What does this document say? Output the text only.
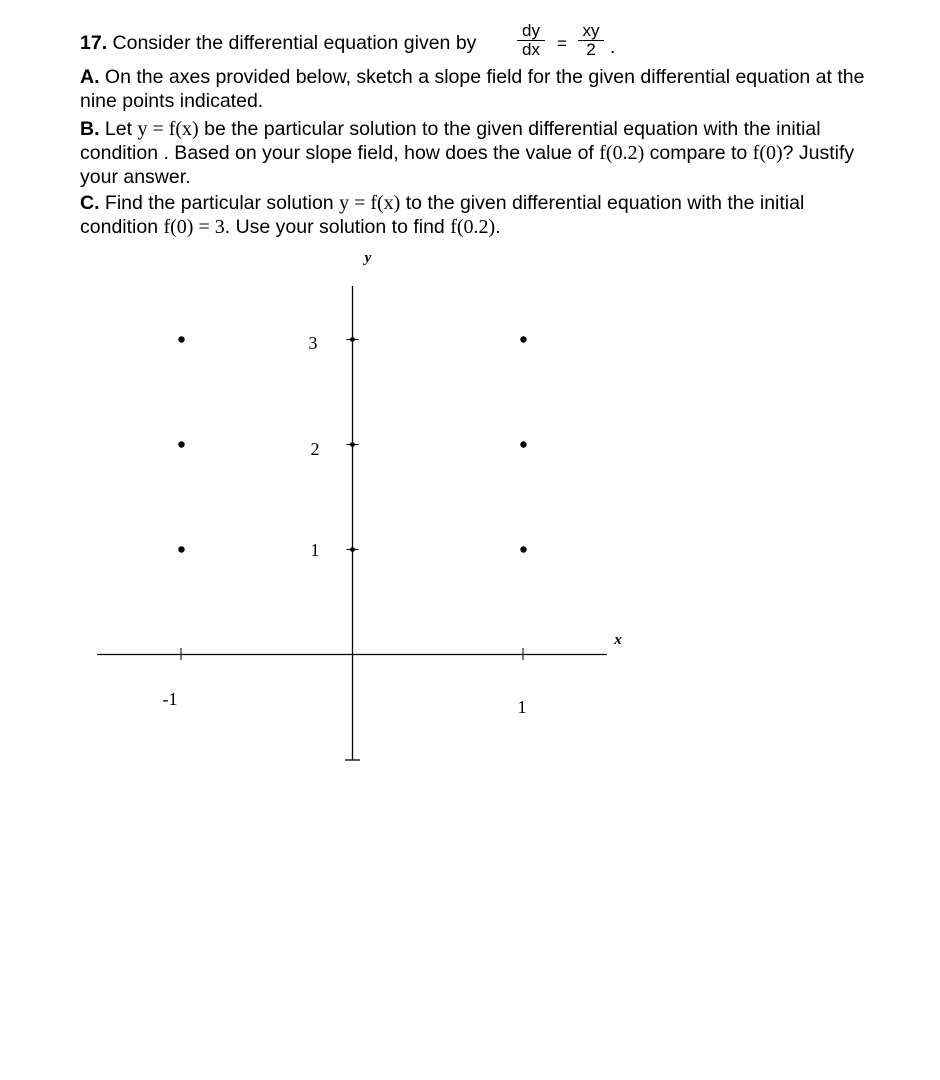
17. Consider the differential equation given by
dy
dx =
xy
2 .
A. On the axes provided below, sketch a slope field for the given differential equation at the
nine points indicated.
B. Let y = f(x) be the particular solution to the given differential equation with the initial
condition . Based on your slope field, how does the value of f(0.2) compare to f(0)? Justify
your answer.
C. Find the particular solution y = f(x) to the given differential equation with the initial
condition f(0) = 3. Use your solution to find f(0.2).
y
x
3
2
1
-1	1
